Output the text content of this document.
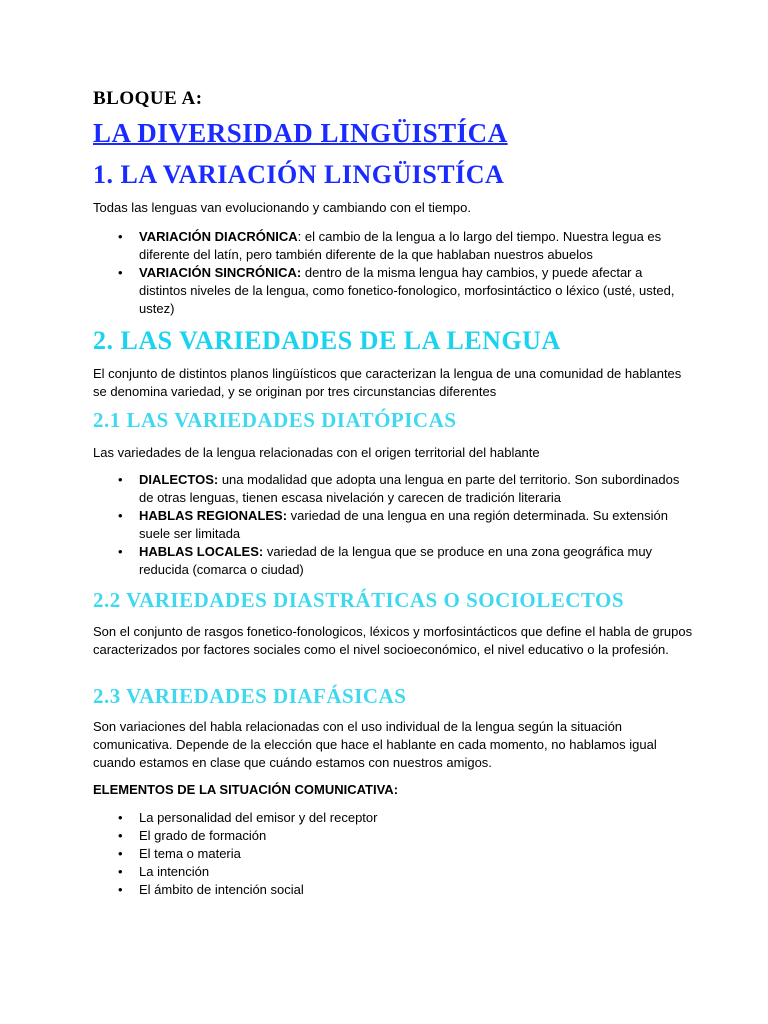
BLOQUE A:
LA DIVERSIDAD LINGÜISTÍCA
1. LA VARIACIÓN LINGÜISTÍCA
Todas las lenguas van evolucionando y cambiando con el tiempo.
• VARIACIÓN DIACRÓNICA: el cambio de la lengua a lo largo del tiempo. Nuestra legua es diferente del latín, pero también diferente de la que hablaban nuestros abuelos
• VARIACIÓN SINCRÓNICA: dentro de la misma lengua hay cambios, y puede afectar a distintos niveles de la lengua, como fonetico-fonologico, morfosintáctico o léxico (usté, usted, ustez)
2. LAS VARIEDADES DE LA LENGUA
El conjunto de distintos planos lingüísticos que caracterizan la lengua de una comunidad de hablantes se denomina variedad, y se originan por tres circunstancias diferentes
2.1 LAS VARIEDADES DIATÓPICAS
Las variedades de la lengua relacionadas con el origen territorial del hablante
• DIALECTOS: una modalidad que adopta una lengua en parte del territorio. Son subordinados de otras lenguas, tienen escasa nivelación y carecen de tradición literaria
• HABLAS REGIONALES: variedad de una lengua en una región determinada. Su extensión suele ser limitada
• HABLAS LOCALES: variedad de la lengua que se produce en una zona geográfica muy reducida (comarca o ciudad)
2.2 VARIEDADES DIASTRÁTICAS O SOCIOLECTOS
Son el conjunto de rasgos fonetico-fonologicos, léxicos y morfosintácticos que define el habla de grupos caracterizados por factores sociales como el nivel socioeconómico, el nivel educativo o la profesión.
2.3 VARIEDADES DIAFÁSICAS
Son variaciones del habla relacionadas con el uso individual de la lengua según la situación comunicativa. Depende de la elección que hace el hablante en cada momento, no hablamos igual cuando estamos en clase que cuándo estamos con nuestros amigos.
ELEMENTOS DE LA SITUACIÓN COMUNICATIVA:
• La personalidad del emisor y del receptor
• El grado de formación
• El tema o materia
• La intención
• El ámbito de intención social
